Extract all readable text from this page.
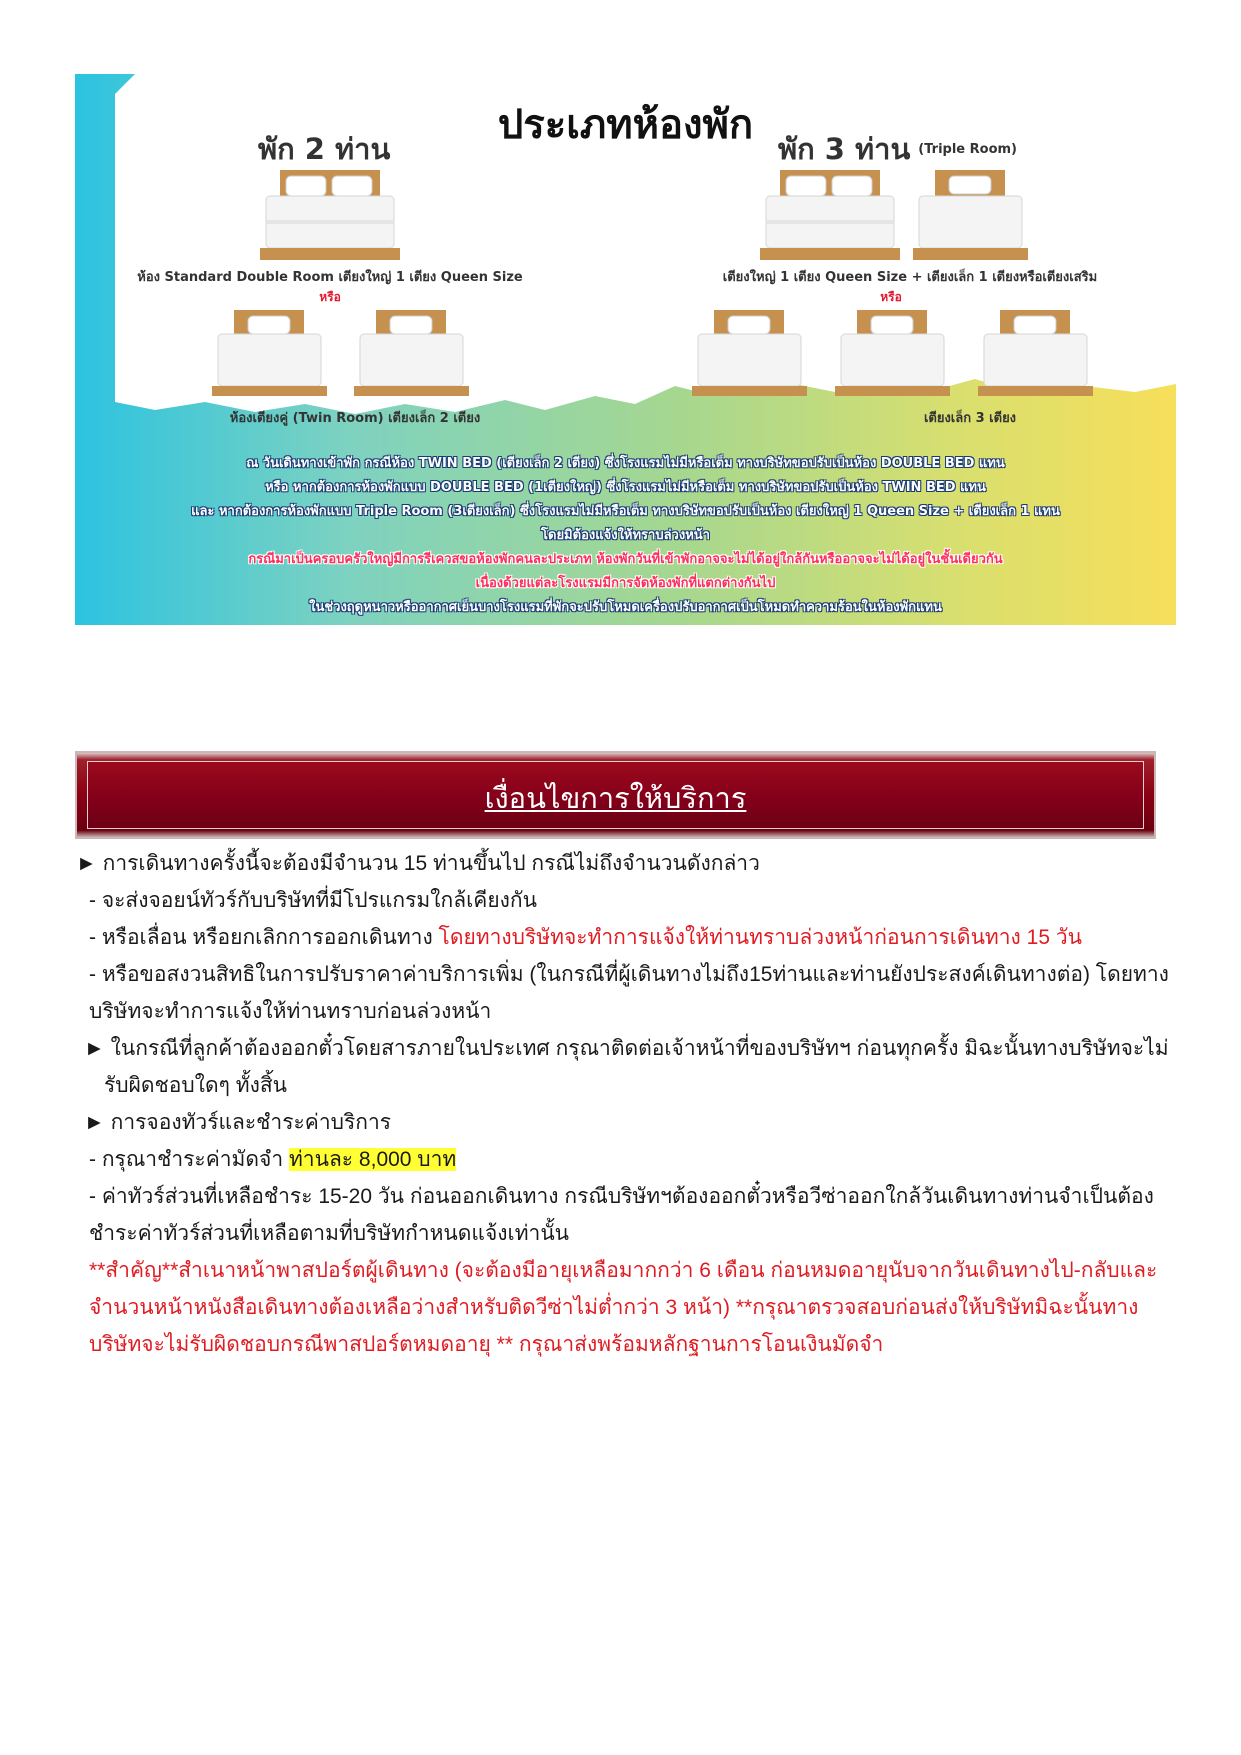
ประเภทห้องพัก
พัก 2 ท่าน
ห้อง Standard Double Room เตียงใหญ่ 1 เตียง Queen Size
หรือ
ห้องเตียงคู่ (Twin Room) เตียงเล็ก 2 เตียง
พัก 3 ท่าน $^{(Triple Room)}$
เตียงใหญ่ 1 เตียง Queen Size + เตียงเล็ก 1 เตียงหรือเตียงเสริม
หรือ
เตียงเล็ก 3 เตียง
ณ วันเดินทางเข้าพัก กรณีห้อง TWIN BED (เตียงเล็ก 2 เตียง) ซึ่งโรงแรมไม่มีหรือเต็ม ทางบริษัทขอปรับเป็นห้อง DOUBLE BED แทน
หรือ หากต้องการห้องพักแบบ DOUBLE BED (1เตียงใหญ่) ซึ่งโรงแรมไม่มีหรือเต็ม ทางบริษัทขอปรับเป็นห้อง TWIN BED แทน
และ หากต้องการห้องพักแบบ Triple Room (3เตียงเล็ก) ซึ่งโรงแรมไม่มีหรือเต็ม ทางบริษัทขอปรับเป็นห้อง เตียงใหญ่ 1 Queen Size + เตียงเล็ก 1 แทน
โดยมิต้องแจ้งให้ทราบล่วงหน้า
กรณีมาเป็นครอบครัวใหญ่มีการรีเควสขอห้องพักคนละประเภท ห้องพักวันที่เข้าพักอาจจะไม่ได้อยู่ใกล้กันหรืออาจจะไม่ได้อยู่ในชั้นเดียวกัน
เนื่องด้วยแต่ละโรงแรมมีการจัดห้องพักที่แตกต่างกันไป
ในช่วงฤดูหนาวหรืออากาศเย็นบางโรงแรมที่พักจะปรับโหมดเครื่องปรับอากาศเป็นโหมดทำความร้อนในห้องพักแทน
เงื่อนไขการให้บริการ

► การเดินทางครั้งนี้จะต้องมีจำนวน 15 ท่านขึ้นไป กรณีไม่ถึงจำนวนดังกล่าว

- จะส่งจอยน์ทัวร์กับบริษัทที่มีโปรแกรมใกล้เคียงกัน

- หรือเลื่อน หรือยกเลิกการออกเดินทาง โดยทางบริษัทจะทำการแจ้งให้ท่านทราบล่วงหน้าก่อนการเดินทาง 15 วัน

- หรือขอสงวนสิทธิในการปรับราคาค่าบริการเพิ่ม (ในกรณีที่ผู้เดินทางไม่ถึง15ท่านและท่านยังประสงค์เดินทางต่อ) โดยทาง

บริษัทจะทำการแจ้งให้ท่านทราบก่อนล่วงหน้า

► ในกรณีที่ลูกค้าต้องออกตั๋วโดยสารภายในประเทศ กรุณาติดต่อเจ้าหน้าที่ของบริษัทฯ ก่อนทุกครั้ง มิฉะนั้นทางบริษัทจะไม่

รับผิดชอบใดๆ ทั้งสิ้น

► การจองทัวร์และชำระค่าบริการ

- กรุณาชำระค่ามัดจำ ท่านละ 8,000 บาท

- ค่าทัวร์ส่วนที่เหลือชำระ 15-20 วัน ก่อนออกเดินทาง กรณีบริษัทฯต้องออกตั๋วหรือวีซ่าออกใกล้วันเดินทางท่านจำเป็นต้อง

ชำระค่าทัวร์ส่วนที่เหลือตามที่บริษัทกำหนดแจ้งเท่านั้น

**สำคัญ**สำเนาหน้าพาสปอร์ตผู้เดินทาง (จะต้องมีอายุเหลือมากกว่า 6 เดือน ก่อนหมดอายุนับจากวันเดินทางไป-กลับและ

จำนวนหน้าหนังสือเดินทางต้องเหลือว่างสำหรับติดวีซ่าไม่ต่ำกว่า 3 หน้า) **กรุณาตรวจสอบก่อนส่งให้บริษัทมิฉะนั้นทาง

บริษัทจะไม่รับผิดชอบกรณีพาสปอร์ตหมดอายุ ** กรุณาส่งพร้อมหลักฐานการโอนเงินมัดจำ
